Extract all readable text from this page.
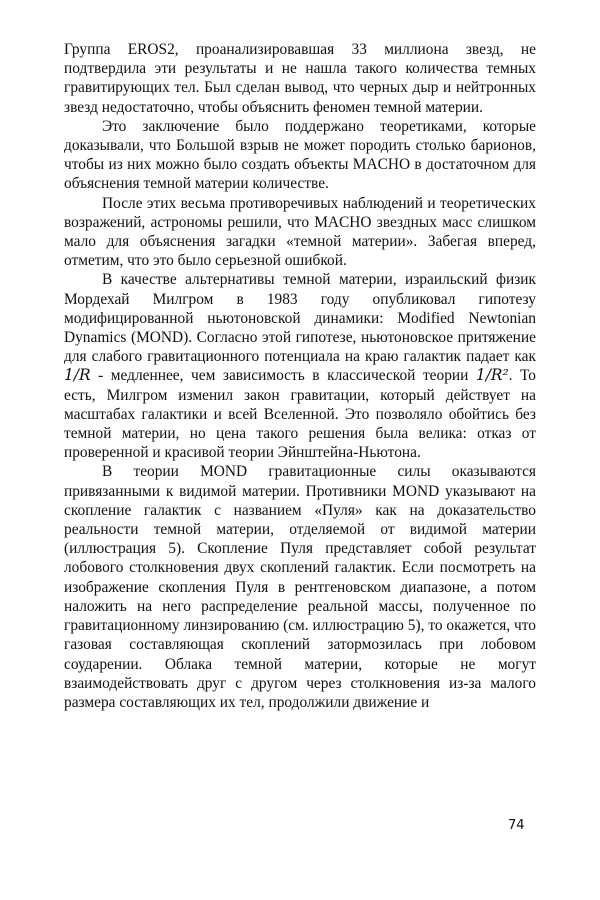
Группа EROS2, проанализировавшая 33 миллиона звезд, не подтвердила эти результаты и не нашла такого количества темных гравитирующих тел. Был сделан вывод, что черных дыр и нейтронных звезд недостаточно, чтобы объяснить феномен темной материи.

Это заключение было поддержано теоретиками, которые доказывали, что Большой взрыв не может породить столько барионов, чтобы из них можно было создать объекты MACHO в достаточном для объяснения темной материи количестве.

После этих весьма противоречивых наблюдений и теоретических возражений, астрономы решили, что MACHO звездных масс слишком мало для объяснения загадки «темной материи». Забегая вперед, отметим, что это было серьезной ошибкой.

В качестве альтернативы темной материи, израильский физик Мордехай Милгром в 1983 году опубликовал гипотезу модифицированной ньютоновской динамики: Modified Newtonian Dynamics (MOND). Согласно этой гипотезе, ньютоновское притяжение для слабого гравитационного потенциала на краю галактик падает как 1/𝑅 - медленнее, чем зависимость в классической теории 1/𝑅². То есть, Милгром изменил закон гравитации, который действует на масштабах галактики и всей Вселенной. Это позволяло обойтись без темной материи, но цена такого решения была велика: отказ от проверенной и красивой теории Эйнштейна-Ньютона.

В теории MOND гравитационные силы оказываются привязанными к видимой материи. Противники MOND указывают на скопление галактик с названием «Пуля» как на доказательство реальности темной материи, отделяемой от видимой материи (иллюстрация 5). Скопление Пуля представляет собой результат лобового столкновения двух скоплений галактик. Если посмотреть на изображение скопления Пуля в рентгеновском диапазоне, а потом наложить на него распределение реальной массы, полученное по гравитационному линзированию (см. иллюстрацию 5), то окажется, что газовая составляющая скоплений затормозилась при лобовом соударении. Облака темной материи, которые не могут взаимодействовать друг с другом через столкновения из-за малого размера составляющих их тел, продолжили движение и

74
